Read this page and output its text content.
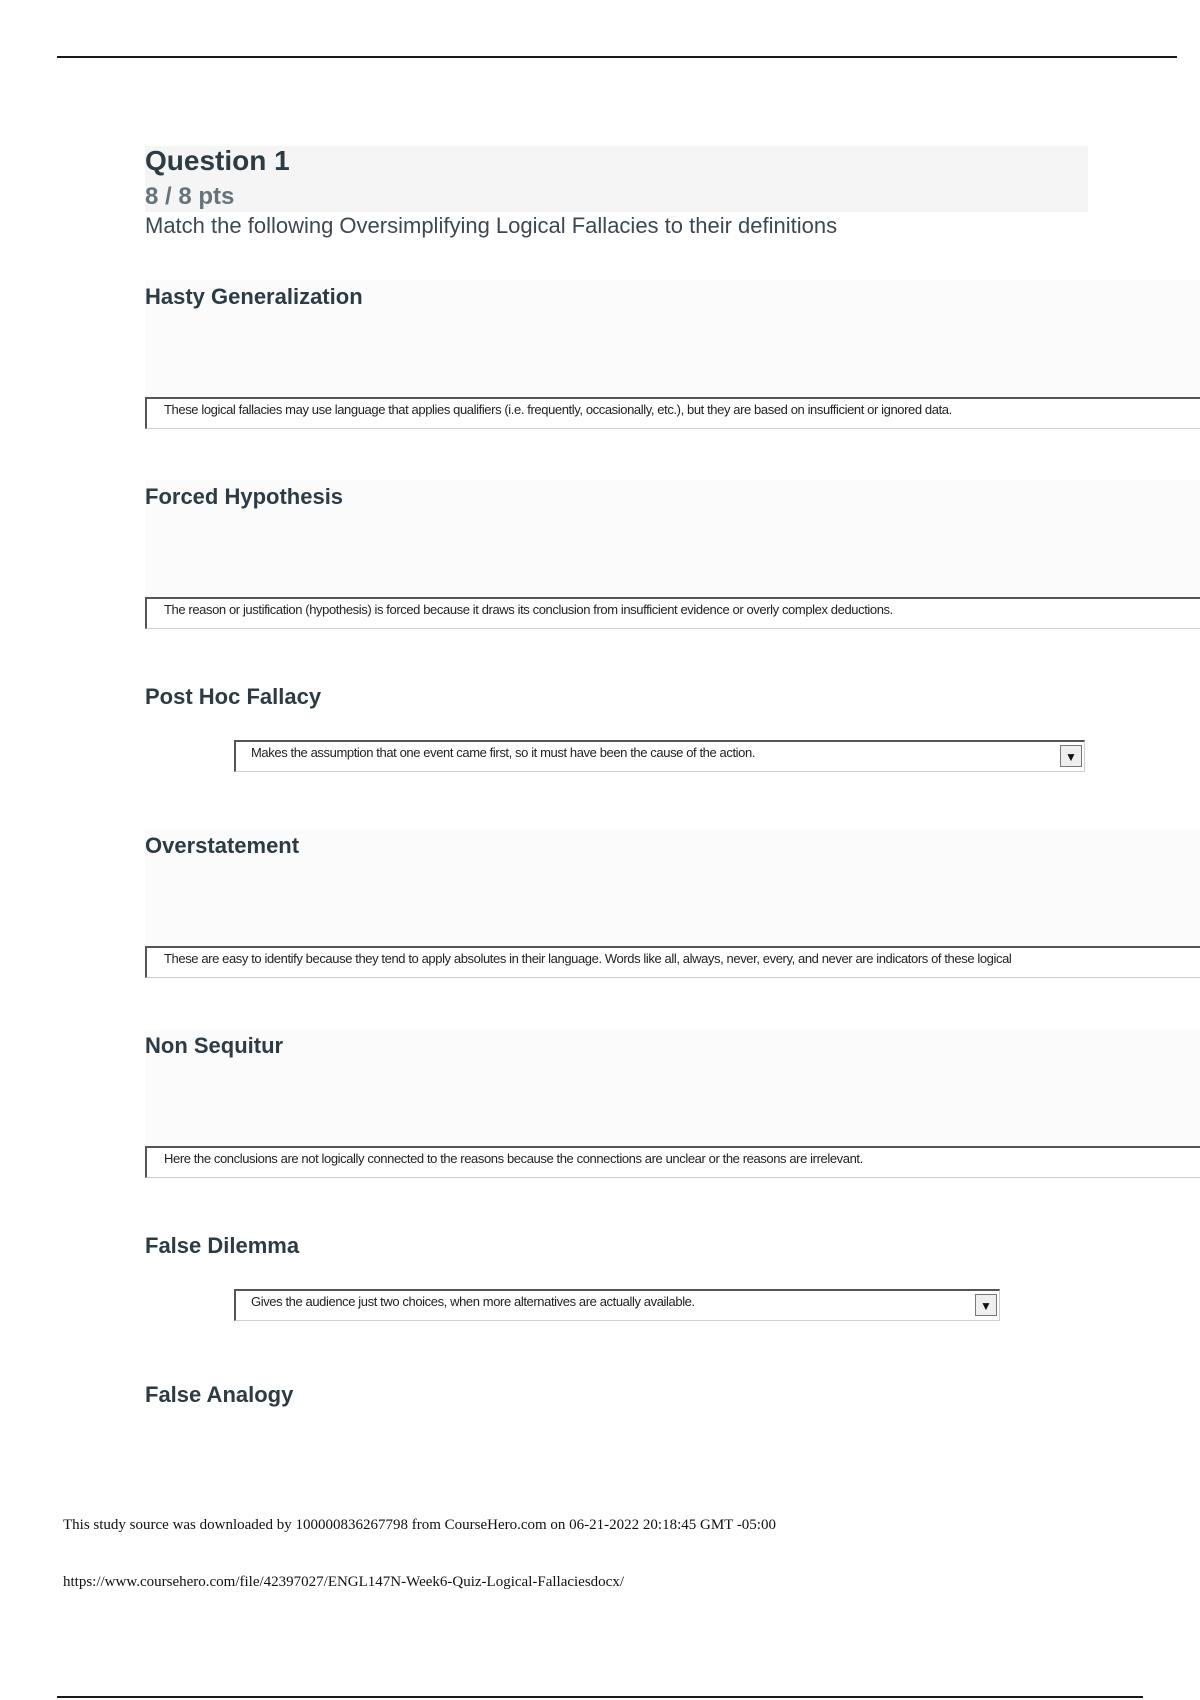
Question 1
8 / 8 pts
Match the following Oversimplifying Logical Fallacies to their definitions
Hasty Generalization
These logical fallacies may use language that applies qualifiers (i.e. frequently, occasionally, etc.), but they are based on insufficient or ignored data.
Forced Hypothesis
The reason or justification (hypothesis) is forced because it draws its conclusion from insufficient evidence or overly complex deductions.
Post Hoc Fallacy
Makes the assumption that one event came first, so it must have been the cause of the action.	▼
Overstatement
These are easy to identify because they tend to apply absolutes in their language. Words like all, always, never, every, and never are indicators of these logical
Non Sequitur
Here the conclusions are not logically connected to the reasons because the connections are unclear or the reasons are irrelevant.
False Dilemma
Gives the audience just two choices, when more alternatives are actually available.	▼
False Analogy
This study source was downloaded by 100000836267798 from CourseHero.com on 06-21-2022 20:18:45 GMT -05:00
https://www.coursehero.com/file/42397027/ENGL147N-Week6-Quiz-Logical-Fallaciesdocx/
